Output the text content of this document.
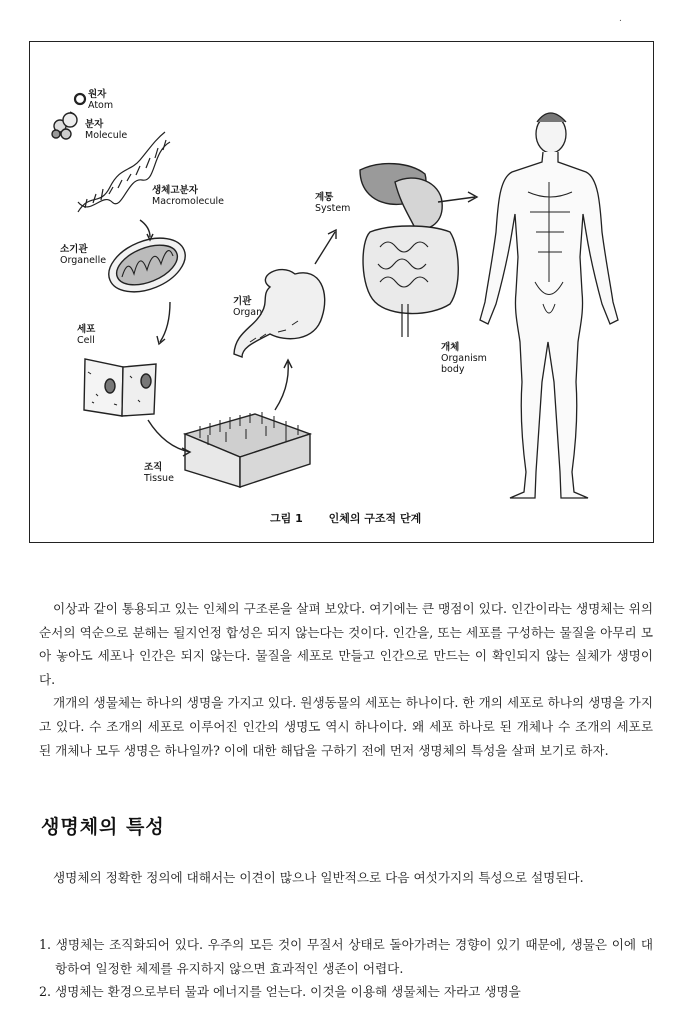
.
원자
Atom
분자
Molecule
생체고분자
Macromolecule
소기관
Organelle
세포
Cell
조직
Tissue
기관
Organ
계통
System
개체
Organism
body
그림 1 인체의 구조적 단계

이상과 같이 통용되고 있는 인체의 구조론을 살펴 보았다. 여기에는 큰 맹점이 있다. 인간이라는 생명체는 위의 순서의 역순으로 분해는 될지언정 합성은 되지 않는다는 것이다. 인간을, 또는 세포를 구성하는 물질을 아무리 모아 놓아도 세포나 인간은 되지 않는다. 물질을 세포로 만들고 인간으로 만드는 이 확인되지 않는 실체가 생명이다.

개개의 생물체는 하나의 생명을 가지고 있다. 원생동물의 세포는 하나이다. 한 개의 세포로 하나의 생명을 가지고 있다. 수 조개의 세포로 이루어진 인간의 생명도 역시 하나이다. 왜 세포 하나로 된 개체나 수 조개의 세포로 된 개체나 모두 생명은 하나일까? 이에 대한 해답을 구하기 전에 먼저 생명체의 특성을 살펴 보기로 하자.

생명체의 특성

생명체의 정확한 정의에 대해서는 이견이 많으나 일반적으로 다음 여섯가지의 특성으로 설명된다.

1. 생명체는 조직화되어 있다. 우주의 모든 것이 무질서 상태로 돌아가려는 경향이 있기 때문에, 생물은 이에 대항하여 일정한 체제를 유지하지 않으면 효과적인 생존이 어렵다.
2. 생명체는 환경으로부터 물과 에너지를 얻는다. 이것을 이용해 생물체는 자라고 생명을
